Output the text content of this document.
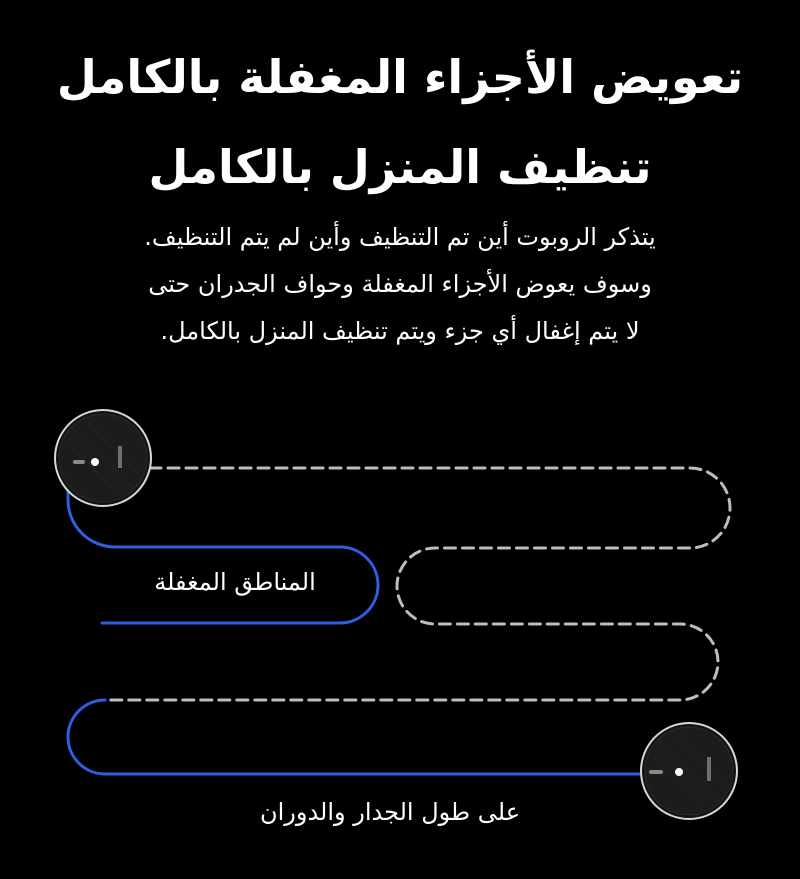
تعويض الأجزاء المغفلة بالكامل
تنظيف المنزل بالكامل
يتذكر الروبوت أين تم التنظيف وأين لم يتم التنظيف.
وسوف يعوض الأجزاء المغفلة وحواف الجدران حتى
لا يتم إغفال أي جزء ويتم تنظيف المنزل بالكامل.
المناطق المغفلة
على طول الجدار والدوران
